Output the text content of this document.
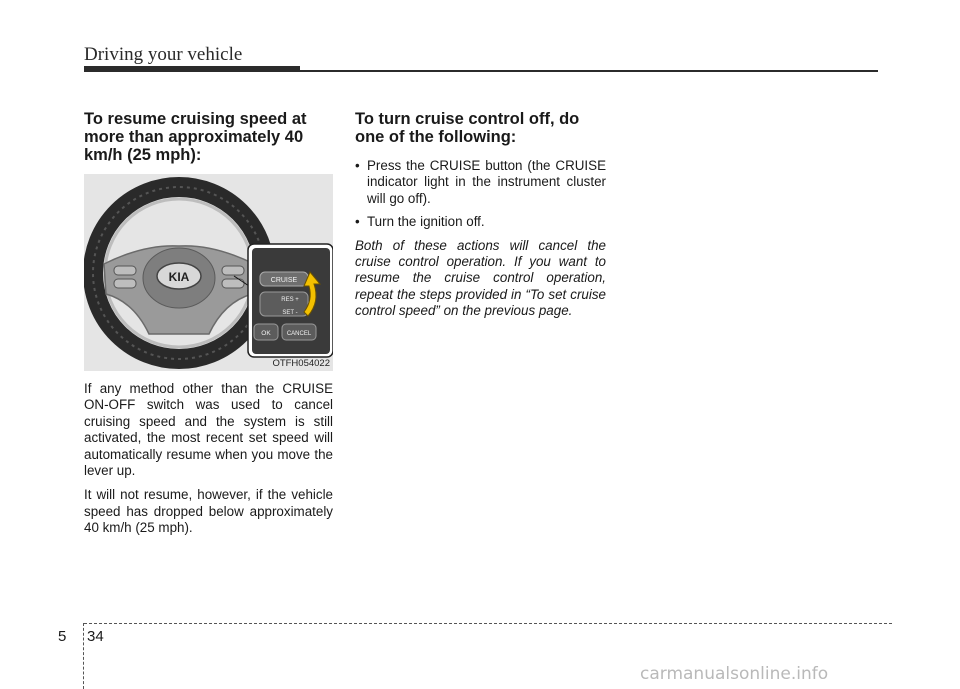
Driving your vehicle
To resume cruising speed at more than approximately 40 km/h (25 mph):
KIA	CRUISE
RES +
SET -
OK	CANCEL
OTFH054022

If any method other than the CRUISE ON-OFF switch was used to cancel cruising speed and the system is still activated, the most recent set speed will automatically resume when you move the lever up.

It will not resume, however, if the vehicle speed has dropped below approximately 40 km/h (25 mph).

To turn cruise control off, do one of the following:
• Press the CRUISE button (the CRUISE indicator light in the instrument cluster will go off).
• Turn the ignition off.

Both of these actions will cancel the cruise control operation. If you want to resume the cruise control operation, repeat the steps provided in “To set cruise control speed” on the previous page.

5 34
carmanualsonline.info
